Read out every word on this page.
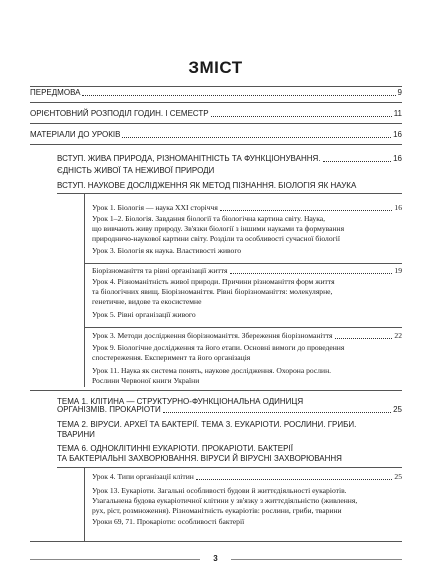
ЗМІСТ
ПЕРЕДМОВА	9
ОРІЄНТОВНИЙ РОЗПОДІЛ ГОДИН. І СЕМЕСТР	11
МАТЕРІАЛИ ДО УРОКІВ	16
ВСТУП. ЖИВА ПРИРОДА, РІЗНОМАНІТНІСТЬ ТА ФУНКЦІОНУВАННЯ.	16
ЄДНІСТЬ ЖИВОЇ ТА НЕЖИВОЇ ПРИРОДИ
ВСТУП. НАУКОВЕ ДОСЛІДЖЕННЯ ЯК МЕТОД ПІЗНАННЯ. БІОЛОГІЯ ЯК НАУКА
Урок 1. Біологія — наука XXI сторіччя	16
Урок 1–2. Біологія. Завдання біології та біологічна картина світу. Наука,
що вивчають живу природу. Зв'язки біології з іншими науками та формування
природничо-наукової картини світу. Розділи та особливості сучасної біології
Урок 3. Біологія як наука. Властивості живого
Біорізноманіття та рівні організації життя	19
Урок 4. Різноманітність живої природи. Причини різноманіття форм життя
та біологічних явищ. Біорізноманіття. Рівні біорізноманіття: молекулярне,
генетичне, видове та екосистемне
Урок 5. Рівні організації живого
Урок 3. Методи дослідження біорізноманіття. Збереження біорізноманіття	22
Урок 9. Біологічне дослідження та його етапи. Основні вимоги до проведення
спостереження. Експеримент та його організація
Урок 11. Наука як система понять, наукове дослідження. Охорона рослин.
Рослини Червоної книги України
ТЕМА 1. КЛІТИНА — СТРУКТУРНО-ФУНКЦІОНАЛЬНА ОДИНИЦЯ
ОРГАНІЗМІВ. ПРОКАРІОТИ	25
ТЕМА 2. ВІРУСИ. АРХЕЇ ТА БАКТЕРІЇ. ТЕМА 3. ЕУКАРІОТИ. РОСЛИНИ. ГРИБИ.
ТВАРИНИ
ТЕМА 6. ОДНОКЛІТИННІ ЕУКАРІОТИ. ПРОКАРІОТИ. БАКТЕРІЇ
ТА БАКТЕРІАЛЬНІ ЗАХВОРЮВАННЯ. ВІРУСИ Й ВІРУСНІ ЗАХВОРЮВАННЯ
Урок 4. Типи організації клітин	25
Урок 13. Еукаріоти. Загальні особливості будови й життєдіяльності еукаріотів.
Узагальнена будова еукаріотичної клітини у зв'язку з життєдіяльністю (живлення,
рух, ріст, розмноження). Різноманітність еукаріотів: рослини, гриби, тварини
Уроки 69, 71. Прокаріоти: особливості бактерії
3
